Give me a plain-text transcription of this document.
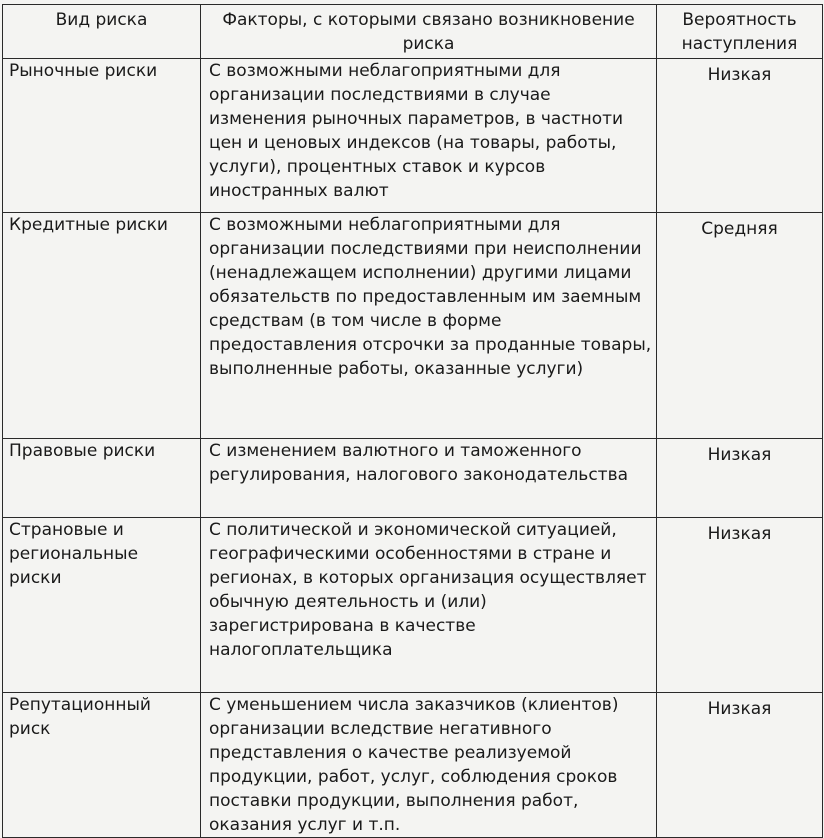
Вид риска	Факторы, с которыми связано возникновение риска	Вероятность наступления
Рыночные риски	С возможными неблагоприятными для организации последствиями в случае изменения рыночных параметров, в частноти цен и ценовых индексов (на товары, работы, услуги), процентных ставок и курсов иностранных валют	Низкая
Кредитные риски	С возможными неблагоприятными для организации последствиями при неисполнении (ненадлежащем исполнении) другими лицами обязательств по предоставленным им заемным средствам (в том числе в форме предоставления отсрочки за проданные товары, выполненные работы, оказанные услуги)	Средняя
Правовые риски	С изменением валютного и таможенного регулирования, налогового законодательства	Низкая
Страновые и региональные риски	С политической и экономической ситуацией, географическими особенностями в стране и регионах, в которых организация осуществляет обычную деятельность и (или) зарегистрирована в качестве налогоплательщика	Низкая
Репутационный риск	С уменьшением числа заказчиков (клиентов) организации вследствие негативного представления о качестве реализуемой продукции, работ, услуг, соблюдения сроков поставки продукции, выполнения работ, оказания услуг и т.п.	Низкая
